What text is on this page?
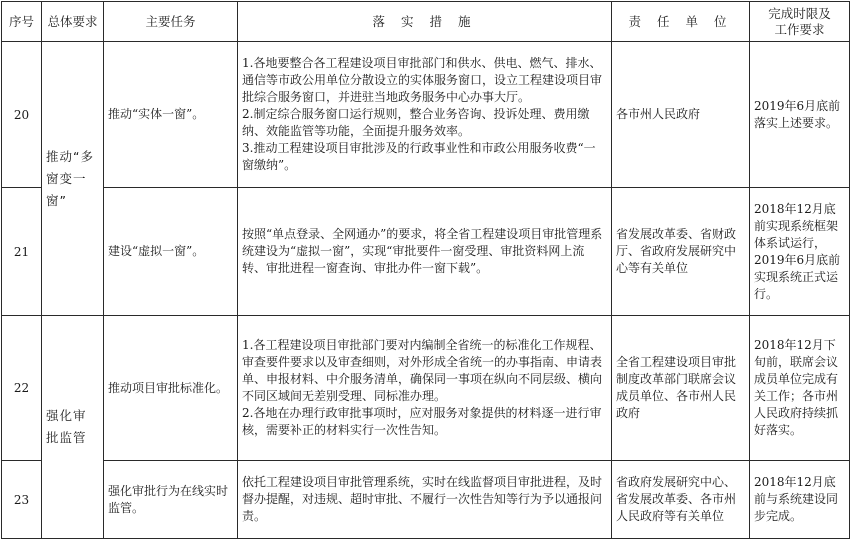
序号	总体要求	主要任务	落 实 措 施	责 任 单 位	完成时限及
工作要求
20	推动“多窗变一窗”	推动“实体一窗”。	1.各地要整合各工程建设项目审批部门和供水、供电、燃气、排水、通信等市政公用单位分散设立的实体服务窗口，设立工程建设项目审批综合服务窗口，并进驻当地政务服务中心办事大厅。
2.制定综合服务窗口运行规则，整合业务咨询、投诉处理、费用缴纳、效能监管等功能，全面提升服务效率。
3.推动工程建设项目审批涉及的行政事业性和市政公用服务收费“一窗缴纳”。	各市州人民政府	2019年6月底前落实上述要求。
21		建设“虚拟一窗”。	按照“单点登录、全网通办”的要求，将全省工程建设项目审批管理系统建设为“虚拟一窗”，实现“审批要件一窗受理、审批资料网上流转、审批进程一窗查询、审批办件一窗下载”。	省发展改革委、省财政厅、省政府发展研究中心等有关单位	2018年12月底前实现系统框架体系试运行，2019年6月底前实现系统正式运行。
22	强化审批监管	推动项目审批标准化。	1.各工程建设项目审批部门要对内编制全省统一的标准化工作规程、审查要件要求以及审查细则，对外形成全省统一的办事指南、申请表单、申报材料、中介服务清单，确保同一事项在纵向不同层级、横向不同区域间无差别受理、同标准办理。
2.各地在办理行政审批事项时，应对服务对象提供的材料逐一进行审核，需要补正的材料实行一次性告知。	全省工程建设项目审批制度改革部门联席会议成员单位、各市州人民政府	2018年12月下旬前，联席会议成员单位完成有关工作；各市州人民政府持续抓好落实。
23		强化审批行为在线实时监管。	依托工程建设项目审批管理系统，实时在线监督项目审批进程，及时督办提醒，对违规、超时审批、不履行一次性告知等行为予以通报问责。	省政府发展研究中心、省发展改革委、各市州人民政府等有关单位	2018年12月底前与系统建设同步完成。
